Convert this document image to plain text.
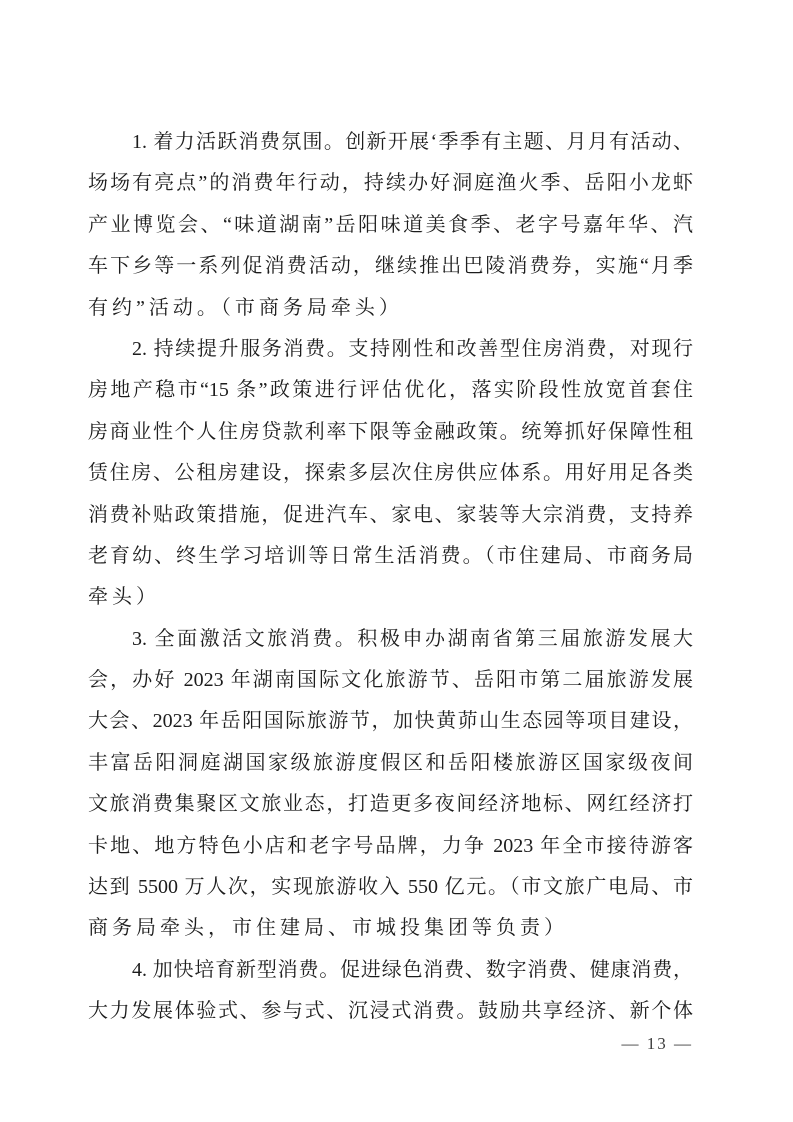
1. 着力活跃消费氛围。创新开展‘季季有主题、月月有活动、
场场有亮点”的消费年行动，持续办好洞庭渔火季、岳阳小龙虾
产业博览会、“味道湖南”岳阳味道美食季、老字号嘉年华、汽
车下乡等一系列促消费活动，继续推出巴陵消费券，实施“月季
有约”活动。（市商务局牵头）
2. 持续提升服务消费。支持刚性和改善型住房消费，对现行
房地产稳市“15 条”政策进行评估优化，落实阶段性放宽首套住
房商业性个人住房贷款利率下限等金融政策。统筹抓好保障性租
赁住房、公租房建设，探索多层次住房供应体系。用好用足各类
消费补贴政策措施，促进汽车、家电、家装等大宗消费，支持养
老育幼、终生学习培训等日常生活消费。（市住建局、市商务局
牵头）
3. 全面激活文旅消费。积极申办湖南省第三届旅游发展大
会，办好 2023 年湖南国际文化旅游节、岳阳市第二届旅游发展
大会、2023 年岳阳国际旅游节，加快黄茆山生态园等项目建设，
丰富岳阳洞庭湖国家级旅游度假区和岳阳楼旅游区国家级夜间
文旅消费集聚区文旅业态，打造更多夜间经济地标、网红经济打
卡地、地方特色小店和老字号品牌，力争 2023 年全市接待游客
达到 5500 万人次，实现旅游收入 550 亿元。（市文旅广电局、市
商务局牵头，市住建局、市城投集团等负责）
4. 加快培育新型消费。促进绿色消费、数字消费、健康消费，
大力发展体验式、参与式、沉浸式消费。鼓励共享经济、新个体
— 13 —
